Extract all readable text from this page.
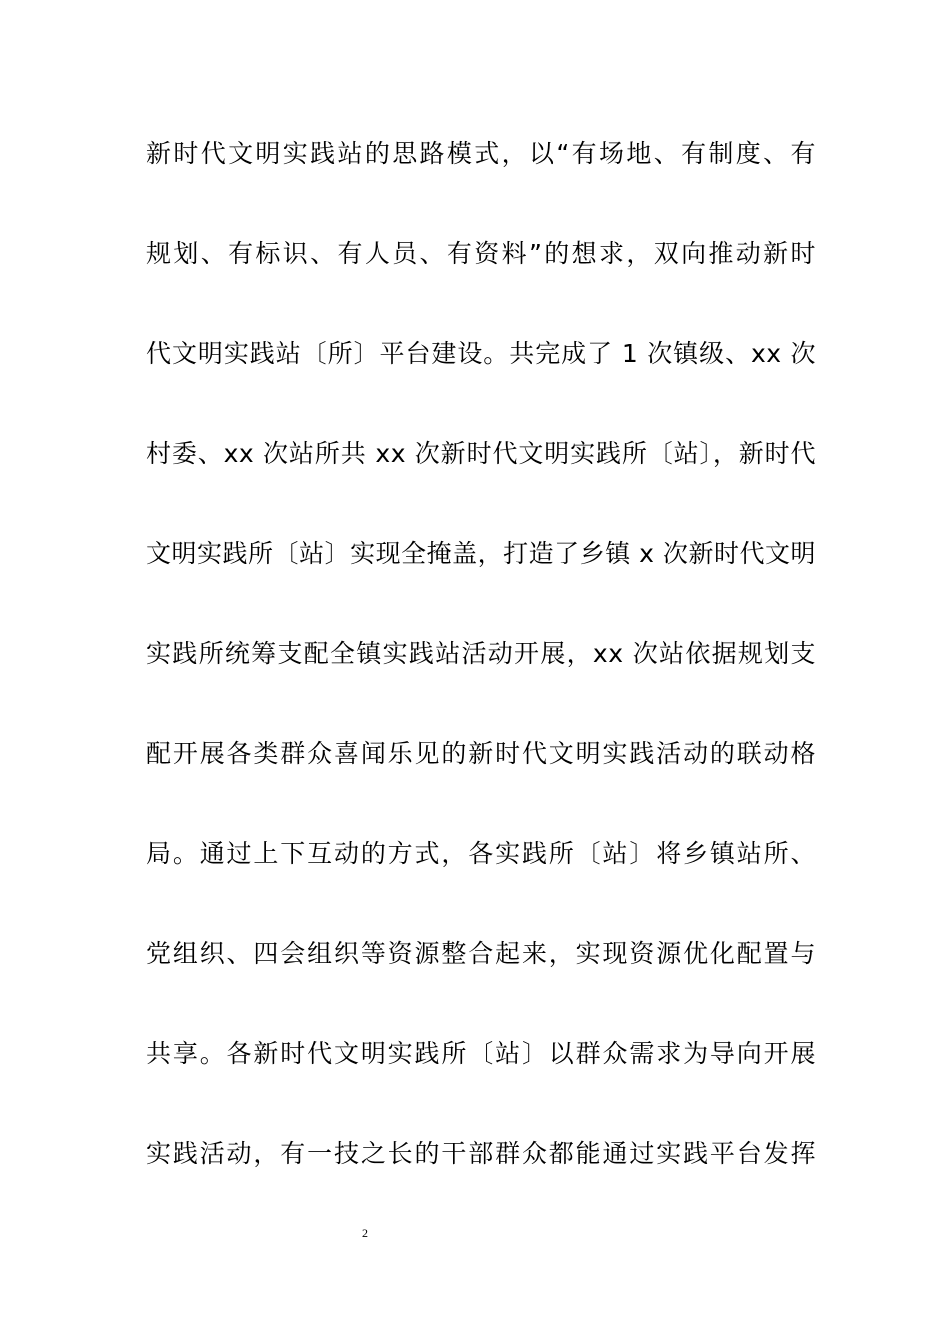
新时代文明实践站的思路模式，以“有场地、有制度、有
规划、有标识、有人员、有资料”的想求，双向推动新时
代文明实践站〔所〕平台建设。共完成了 1 次镇级、xx 次
村委、xx 次站所共 xx 次新时代文明实践所〔站〕，新时代
文明实践所〔站〕实现全掩盖，打造了乡镇 x 次新时代文明
实践所统筹支配全镇实践站活动开展，xx 次站依据规划支
配开展各类群众喜闻乐见的新时代文明实践活动的联动格
局。通过上下互动的方式，各实践所〔站〕将乡镇站所、
党组织、四会组织等资源整合起来，实现资源优化配置与
共享。各新时代文明实践所〔站〕以群众需求为导向开展
实践活动，有一技之长的干部群众都能通过实践平台发挥
2
